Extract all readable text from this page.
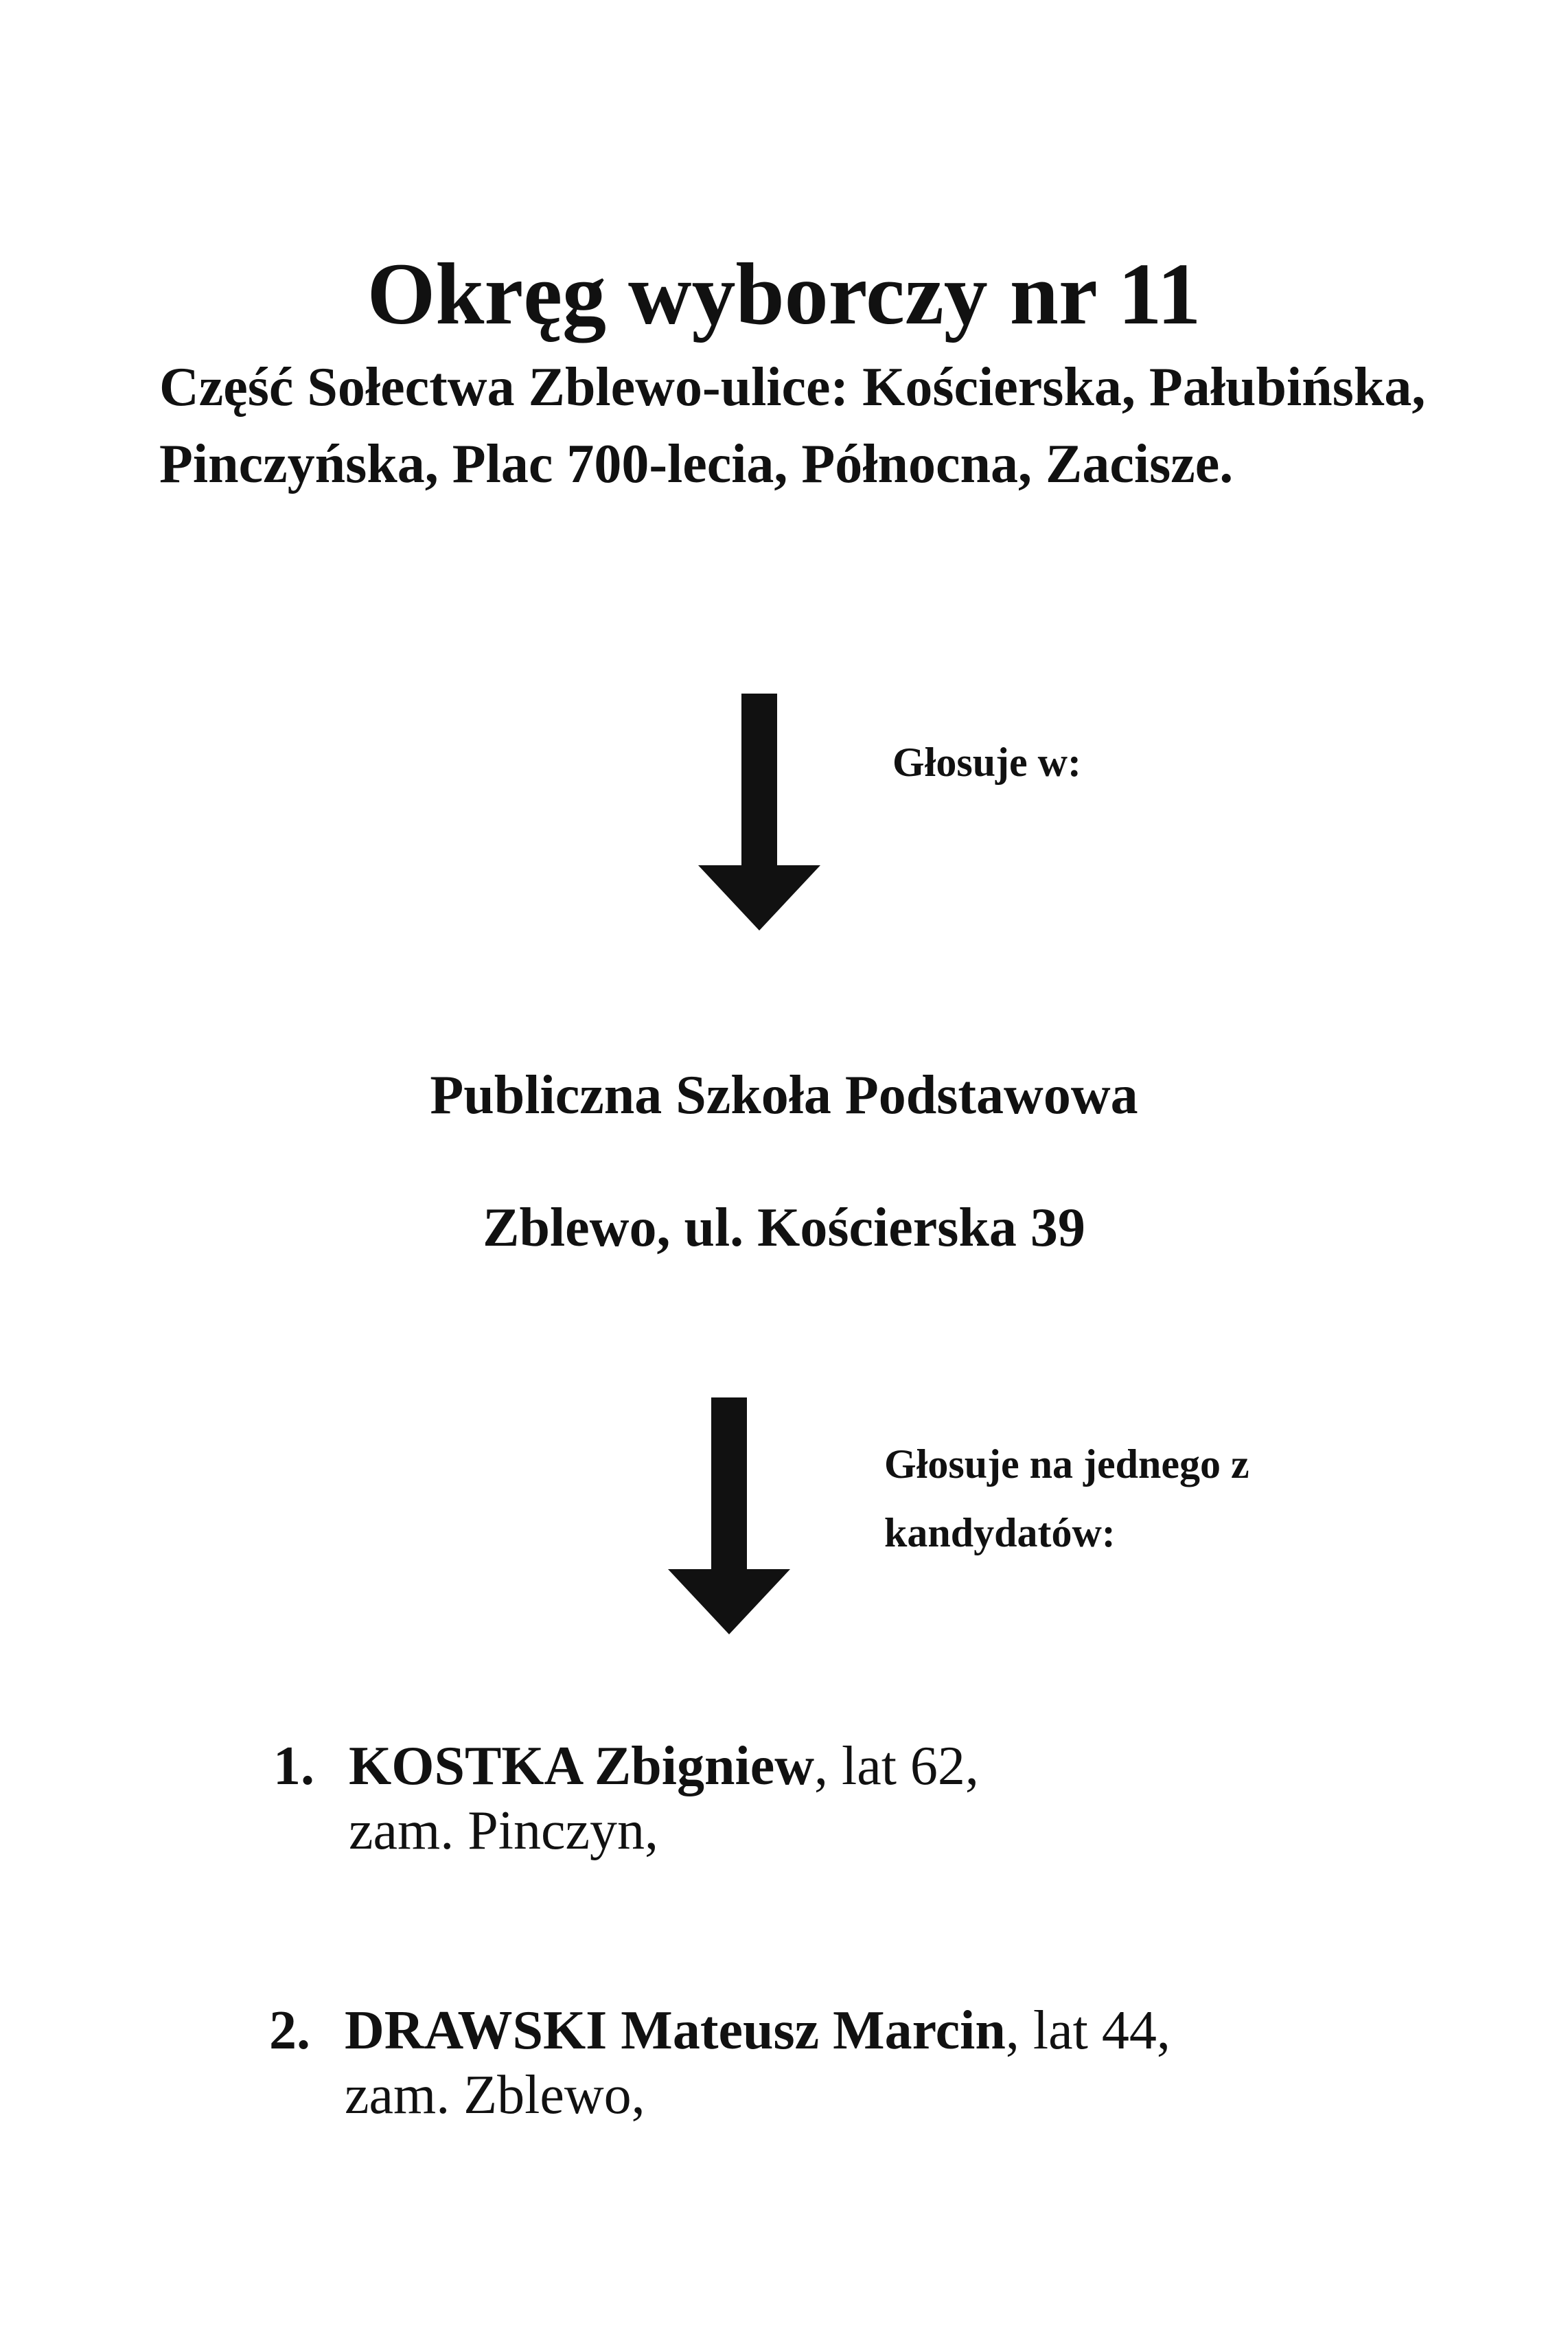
Okręg wyborczy nr 11

Część Sołectwa Zblewo-ulice: Kościerska, Pałubińska, Pinczyńska, Plac 700-lecia, Północna, Zacisze.

Głosuje w:
Publiczna Szkoła Podstawowa
Zblewo, ul. Kościerska 39
Głosuje na jednego z kandydatów:
1. KOSTKA Zbigniew, lat 62,
zam. Pinczyn,
2. DRAWSKI Mateusz Marcin, lat 44,
zam. Zblewo,
